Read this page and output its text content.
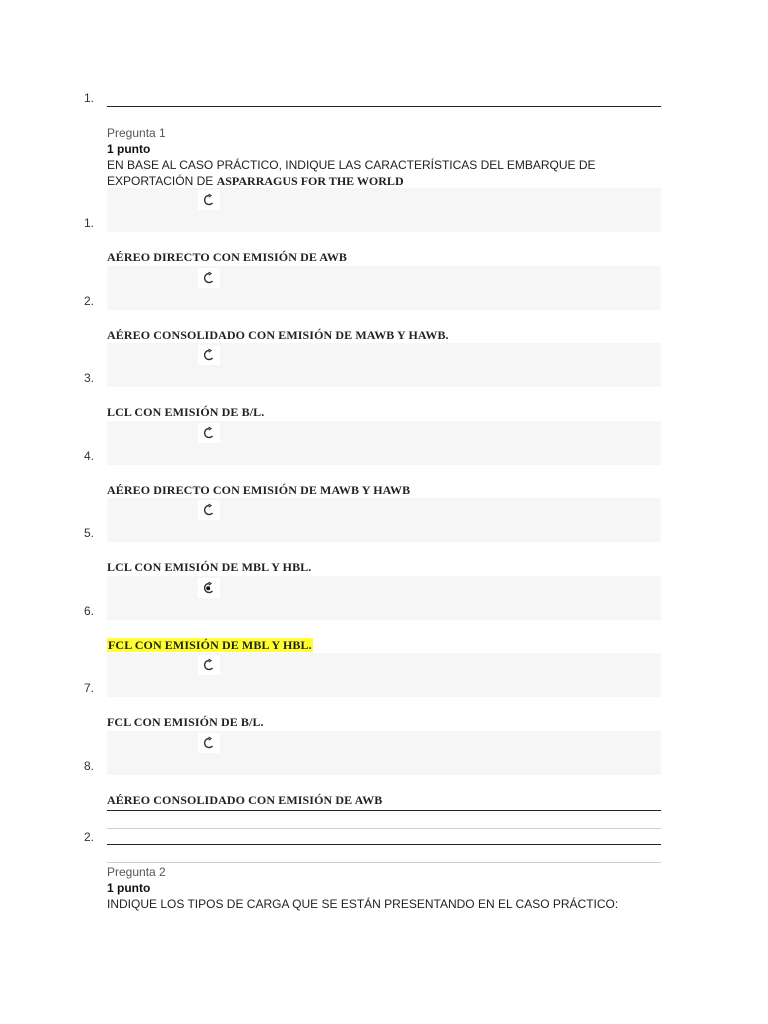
1.
Pregunta 1
1 punto
EN BASE AL CASO PRÁCTICO, INDIQUE LAS CARACTERÍSTICAS DEL EMBARQUE DE EXPORTACIÓN DE ASPARRAGUS FOR THE WORLD
1.
AÉREO DIRECTO CON EMISIÓN DE AWB
2.
AÉREO CONSOLIDADO CON EMISIÓN DE MAWB Y HAWB.
3.
LCL CON EMISIÓN DE B/L.
4.
AÉREO DIRECTO CON EMISIÓN DE MAWB Y HAWB
5.
LCL CON EMISIÓN DE MBL Y HBL.
6.
FCL CON EMISIÓN DE MBL Y HBL.
7.
FCL CON EMISIÓN DE B/L.
8.
AÉREO CONSOLIDADO CON EMISIÓN DE AWB
2.
Pregunta 2
1 punto
INDIQUE LOS TIPOS DE CARGA QUE SE ESTÁN PRESENTANDO EN EL CASO PRÁCTICO:
